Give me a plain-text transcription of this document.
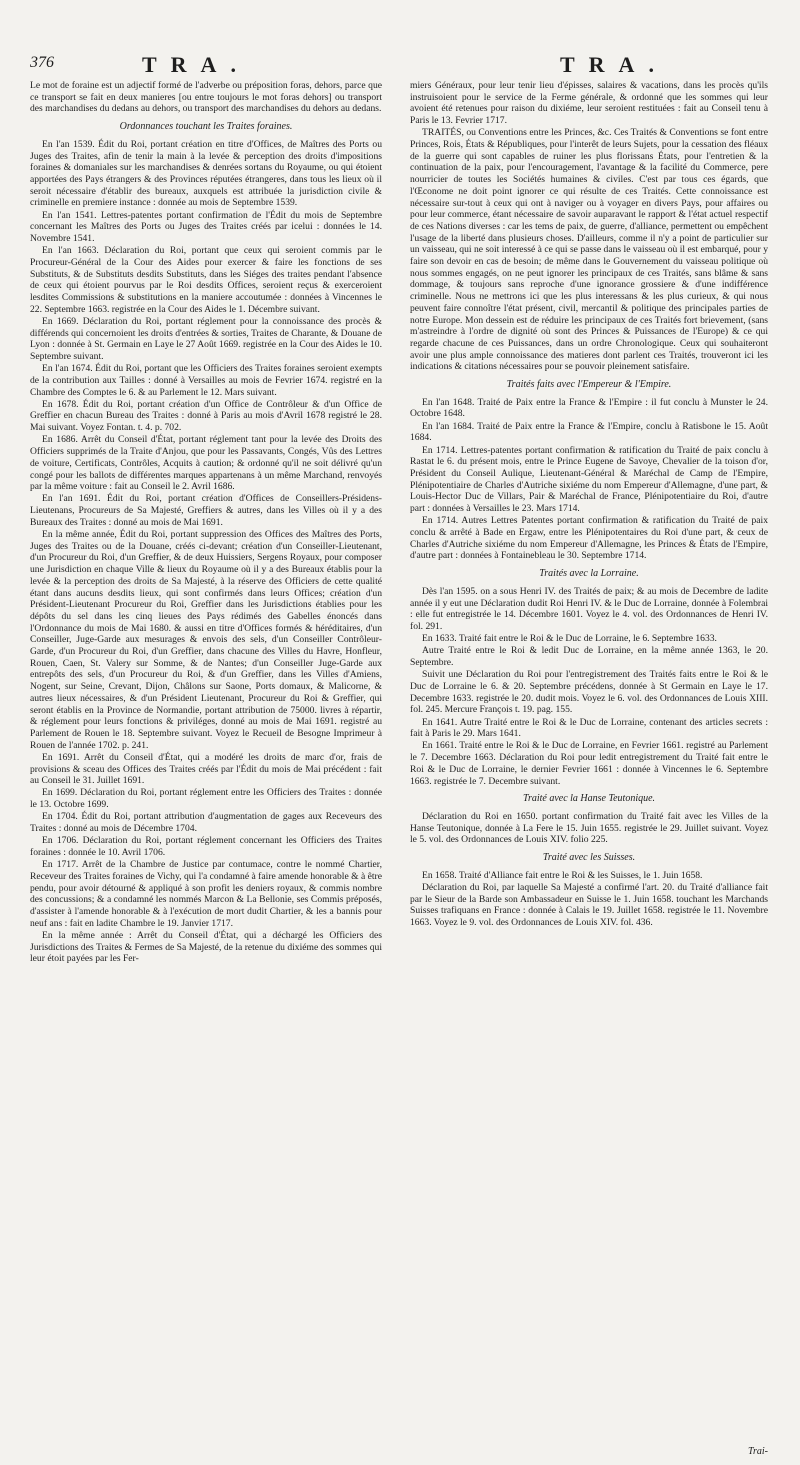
376	TRA.	TRA.

Le mot de foraine est un adjectif formé de l'adverbe ou préposition foras, dehors, parce que ce transport se fait en deux manieres [ou entre toujours le mot foras dehors] ou transport des marchandises du dedans au dehors, ou transport des marchandises du dehors au dedans.

Ordonnances touchant les Traites foraines.

En l'an 1539. Édit du Roi, portant création en titre d'Offices, de Maîtres des Ports ou Juges des Traites, afin de tenir la main à la levée & perception des droits d'impositions foraines & domaniales sur les marchandises & denrées sortans du Royaume, ou qui étoient apportées des Pays étrangers & des Provinces réputées étrangeres, dans tous les lieux où il seroit nécessaire d'établir des bureaux, auxquels est attribuée la jurisdiction civile & criminelle en premiere instance : donnée au mois de Septembre 1539.

En l'an 1541. Lettres-patentes portant confirmation de l'Édit du mois de Septembre concernant les Maîtres des Ports ou Juges des Traites créés par icelui : données le 14. Novembre 1541.

En l'an 1663. Déclaration du Roi, portant que ceux qui seroient commis par le Procureur-Général de la Cour des Aides pour exercer & faire les fonctions de ses Substituts, & de Substituts desdits Substituts, dans les Siéges des traites pendant l'absence de ceux qui étoient pourvus par le Roi desdits Offices, seroient reçus & exerceroient lesdites Commissions & substitutions en la maniere accoutumée : données à Vincennes le 22. Septembre 1663. registrée en la Cour des Aides le 1. Décembre suivant.

En 1669. Déclaration du Roi, portant réglement pour la connoissance des procès & différends qui concernoient les droits d'entrées & sorties, Traites de Charante, & Douane de Lyon : donnée à St. Germain en Laye le 27 Août 1669. registrée en la Cour des Aides le 10. Septembre suivant.

En l'an 1674. Édit du Roi, portant que les Officiers des Traites foraines seroient exempts de la contribution aux Tailles : donné à Versailles au mois de Fevrier 1674. registré en la Chambre des Comptes le 6. & au Parlement le 12. Mars suivant.

En 1678. Édit du Roi, portant création d'un Office de Contrôleur & d'un Office de Greffier en chacun Bureau des Traites : donné à Paris au mois d'Avril 1678 registré le 28. Mai suivant. Voyez Fontan. t. 4. p. 702.

En 1686. Arrêt du Conseil d'État, portant réglement tant pour la levée des Droits des Officiers supprimés de la Traite d'Anjou, que pour les Passavants, Congés, Vûs des Lettres de voiture, Certificats, Contrôles, Acquits à caution; & ordonné qu'il ne soit délivré qu'un congé pour les ballots de différentes marques appartenans à un même Marchand, renvoyés par la même voiture : fait au Conseil le 2. Avril 1686.

En l'an 1691. Édit du Roi, portant création d'Offices de Conseillers-Présidens-Lieutenans, Procureurs de Sa Majesté, Greffiers & autres, dans les Villes où il y a des Bureaux des Traites : donné au mois de Mai 1691.

En la même année, Édit du Roi, portant suppression des Offices des Maîtres des Ports, Juges des Traites ou de la Douane, créés ci-devant; création d'un Conseiller-Lieutenant, d'un Procureur du Roi, d'un Greffier, & de deux Huissiers, Sergens Royaux, pour composer une Jurisdiction en chaque Ville & lieux du Royaume où il y a des Bureaux établis pour la levée & la perception des droits de Sa Majesté, à la réserve des Officiers de cette qualité étant dans aucuns desdits lieux, qui sont confirmés dans leurs Offices; création d'un Président-Lieutenant Procureur du Roi, Greffier dans les Jurisdictions établies pour les dépôts du sel dans les cinq lieues des Pays rédimés des Gabelles énoncés dans l'Ordonnance du mois de Mai 1680. & aussi en titre d'Offices formés & héréditaires, d'un Conseiller, Juge-Garde aux mesurages & envois des sels, d'un Conseiller Contrôleur-Garde, d'un Procureur du Roi, d'un Greffier, dans chacune des Villes du Havre, Honfleur, Rouen, Caen, St. Valery sur Somme, & de Nantes; d'un Conseiller Juge-Garde aux entrepôts des sels, d'un Procureur du Roi, & d'un Greffier, dans les Villes d'Amiens, Nogent, sur Seine, Crevant, Dijon, Châlons sur Saone, Ports domaux, & Malicorne, & autres lieux nécessaires, & d'un Président Lieutenant, Procureur du Roi & Greffier, qui seront établis en la Province de Normandie, portant attribution de 75000. livres à répartir, & réglement pour leurs fonctions & priviléges, donné au mois de Mai 1691. registré au Parlement de Rouen le 18. Septembre suivant. Voyez le Recueil de Besogne Imprimeur à Rouen de l'année 1702. p. 241.

En 1691. Arrêt du Conseil d'État, qui a modéré les droits de marc d'or, frais de provisions & sceau des Offices des Traites créés par l'Édit du mois de Mai précédent : fait au Conseil le 31. Juillet 1691.

En 1699. Déclaration du Roi, portant réglement entre les Officiers des Traites : donnée le 13. Octobre 1699.

En 1704. Édit du Roi, portant attribution d'augmentation de gages aux Receveurs des Traites : donné au mois de Décembre 1704.

En 1706. Déclaration du Roi, portant réglement concernant les Officiers des Traites foraines : donnée le 10. Avril 1706.

En 1717. Arrêt de la Chambre de Justice par contumace, contre le nommé Chartier, Receveur des Traites foraines de Vichy, qui l'a condamné à faire amende honorable & à être pendu, pour avoir détourné & appliqué à son profit les deniers royaux, & commis nombre des concussions; & a condamné les nommés Marcon & La Bellonie, ses Commis préposés, d'assister à l'amende honorable & à l'exécution de mort dudit Chartier, & les a bannis pour neuf ans : fait en ladite Chambre le 19. Janvier 1717.

En la même année : Arrêt du Conseil d'État, qui a déchargé les Officiers des Jurisdictions des Traites & Fermes de Sa Majesté, de la retenue du dixiéme des sommes qui leur étoit payées par les Fer-

miers Généraux, pour leur tenir lieu d'épisses, salaires & vacations, dans les procès qu'ils instruisoient pour le service de la Ferme générale, & ordonné que les sommes qui leur avoient été retenues pour raison du dixiéme, leur seroient restituées : fait au Conseil tenu à Paris le 13. Fevrier 1717.

TRAITÉS, ou Conventions entre les Princes, &c. Ces Traités & Conventions se font entre Princes, Rois, États & Républiques, pour l'interêt de leurs Sujets, pour la cessation des fléaux de la guerre qui sont capables de ruiner les plus florissans États, pour l'entretien & la continuation de la paix, pour l'encouragement, l'avantage & la facilité du Commerce, pere nourricier de toutes les Sociétés humaines & civiles. C'est par tous ces égards, que l'Œconome ne doit point ignorer ce qui résulte de ces Traités. Cette connoissance est nécessaire sur-tout à ceux qui ont à naviger ou à voyager en divers Pays, pour affaires ou pour leur commerce, étant nécessaire de savoir auparavant le rapport & l'état actuel respectif de ces Nations diverses : car les tems de paix, de guerre, d'alliance, permettent ou empêchent l'usage de la liberté dans plusieurs choses. D'ailleurs, comme il n'y a point de particulier sur un vaisseau, qui ne soit interessé à ce qui se passe dans le vaisseau où il est embarqué, pour y faire son devoir en cas de besoin; de même dans le Gouvernement du vaisseau politique où nous sommes engagés, on ne peut ignorer les principaux de ces Traités, sans blâme & sans dommage, & toujours sans reproche d'une ignorance grossiere & d'une indifférence criminelle. Nous ne mettrons ici que les plus interessans & les plus curieux, & qui nous peuvent faire connoître l'état présent, civil, mercantil & politique des principales parties de notre Europe. Mon dessein est de réduire les principaux de ces Traités fort brievement, (sans m'astreindre à l'ordre de dignité où sont des Princes & Puissances de l'Europe) & ce qui regarde chacune de ces Puissances, dans un ordre Chronologique. Ceux qui souhaiteront avoir une plus ample connoissance des matieres dont parlent ces Traités, trouveront ici les indications & citations nécessaires pour se pouvoir pleinement satisfaire.

Traités faits avec l'Empereur & l'Empire.

En l'an 1648. Traité de Paix entre la France & l'Empire : il fut conclu à Munster le 24. Octobre 1648.

En l'an 1684. Traité de Paix entre la France & l'Empire, conclu à Ratisbone le 15. Août 1684.

En 1714. Lettres-patentes portant confirmation & ratification du Traité de paix conclu à Rastat le 6. du présent mois, entre le Prince Eugene de Savoye, Chevalier de la toison d'or, Président du Conseil Aulique, Lieutenant-Général & Maréchal de Camp de l'Empire, Plénipotentiaire de Charles d'Autriche sixiéme du nom Empereur d'Allemagne, d'une part, & Louis-Hector Duc de Villars, Pair & Maréchal de France, Plénipotentiaire du Roi, d'autre part : données à Versailles le 23. Mars 1714.

En 1714. Autres Lettres Patentes portant confirmation & ratification du Traité de paix conclu & arrêté à Bade en Ergaw, entre les Plénipotentaires du Roi d'une part, & ceux de Charles d'Autriche sixiéme du nom Empereur d'Allemagne, les Princes & États de l'Empire, d'autre part : données à Fontainebleau le 30. Septembre 1714.

Traités avec la Lorraine.

Dès l'an 1595. on a sous Henri IV. des Traités de paix; & au mois de Decembre de ladite année il y eut une Déclaration dudit Roi Henri IV. & le Duc de Lorraine, donnée à Folembrai : elle fut entregistrée le 14. Décembre 1601. Voyez le 4. vol. des Ordonnances de Henri IV. fol. 291.

En 1633. Traité fait entre le Roi & le Duc de Lorraine, le 6. Septembre 1633.

Autre Traité entre le Roi & ledit Duc de Lorraine, en la même année 1363, le 20. Septembre.

Suivit une Déclaration du Roi pour l'entregistrement des Traités faits entre le Roi & le Duc de Lorraine le 6. & 20. Septembre précédens, donnée à St Germain en Laye le 17. Decembre 1633. registrée le 20. dudit mois. Voyez le 6. vol. des Ordonnances de Louis XIII. fol. 245. Mercure François t. 19. pag. 155.

En 1641. Autre Traité entre le Roi & le Duc de Lorraine, contenant des articles secrets : fait à Paris le 29. Mars 1641.

En 1661. Traité entre le Roi & le Duc de Lorraine, en Fevrier 1661. registré au Parlement le 7. Decembre 1663. Déclaration du Roi pour ledit entregistrement du Traité fait entre le Roi & le Duc de Lorraine, le dernier Fevrier 1661 : donnée à Vincennes le 6. Septembre 1663. registrée le 7. Decembre suivant.

Traité avec la Hanse Teutonique.

Déclaration du Roi en 1650. portant confirmation du Traité fait avec les Villes de la Hanse Teutonique, donnée à La Fere le 15. Juin 1655. registrée le 29. Juillet suivant. Voyez le 5. vol. des Ordonnances de Louis XIV. folio 225.

Traité avec les Suisses.

En 1658. Traité d'Alliance fait entre le Roi & les Suisses, le 1. Juin 1658.

Déclaration du Roi, par laquelle Sa Majesté a confirmé l'art. 20. du Traité d'alliance fait par le Sieur de la Barde son Ambassadeur en Suisse le 1. Juin 1658. touchant les Marchands Suisses trafiquans en France : donnée à Calais le 19. Juillet 1658. registrée le 11. Novembre 1663. Voyez le 9. vol. des Ordonnances de Louis XIV. fol. 436.

Trai-
